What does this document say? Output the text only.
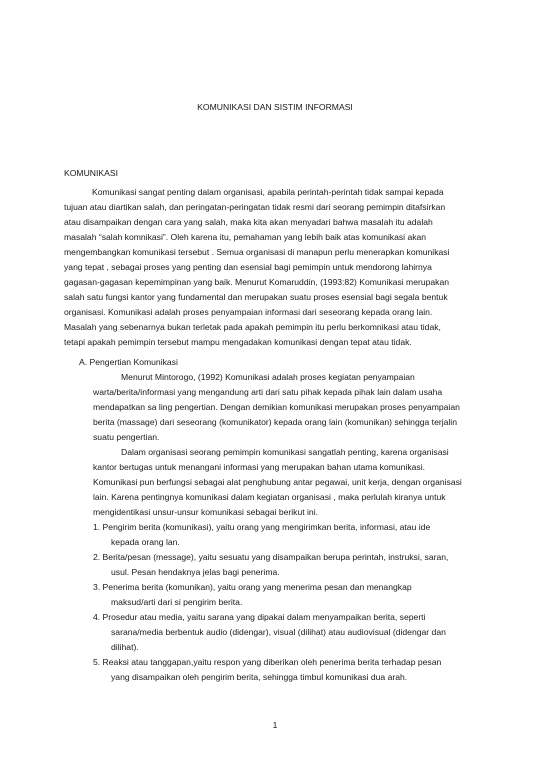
KOMUNIKASI DAN SISTIM INFORMASI
KOMUNIKASI
Komunikasi sangat penting dalam organisasi, apabila perintah-perintah tidak sampai kepada
tujuan atau diartikan salah, dan peringatan-peringatan tidak resmi dari seorang pemimpin ditafsirkan
atau disampaikan dengan cara yang salah, maka kita akan menyadari bahwa masalah itu adalah
masalah “salah komnikasi”. Oleh karena itu, pemahaman yang lebih baik atas komunikasi akan
mengembangkan komunikasi tersebut . Semua organisasi di manapun perlu menerapkan komunikasi
yang tepat , sebagai proses yang penting dan esensial bagi pemimpin untuk mendorong lahirnya
gagasan-gagasan kepemimpinan yang baik. Menurut Komaruddin, (1993:82) Komunikasi merupakan
salah satu fungsi kantor yang fundamental dan merupakan suatu proses esensial bagi segala bentuk
organisasi. Komunikasi adalah proses penyampaian informasi dari seseorang kepada orang lain.
Masalah yang sebenarnya bukan terletak pada apakah pemimpin itu perlu berkomnikasi atau tidak,
tetapi apakah pemimpin tersebut mampu mengadakan komunikasi dengan tepat atau tidak.
A. Pengertian Komunikasi
Menurut Mintorogo, (1992) Komunikasi adalah proses kegiatan penyampaian
warta/berita/informasi yang mengandung arti dari satu pihak kepada pihak lain dalam usaha
mendapatkan sa ling pengertian. Dengan demikian komunikasi merupakan proses penyampaian
berita (massage) dari seseorang (komunikator) kepada orang lain (komunikan) sehingga terjalin
suatu pengertian.
Dalam organisasi seorang pemimpin komunikasi sangatlah penting, karena organisasi
kantor bertugas untuk menangani informasi yang merupakan bahan utama komunikasi.
Komunikasi pun berfungsi sebagai alat penghubung antar pegawai, unit kerja, dengan organisasi
lain. Karena pentingnya komunikasi dalam kegiatan organisasi , maka perlulah kiranya untuk
mengidentikasi unsur-unsur komunikasi sebagai berikut ini.
1. Pengirim berita (komunikasi), yaitu orang yang mengirimkan berita, informasi, atau ide
kepada orang lan.
2. Berita/pesan (message), yaitu sesuatu yang disampaikan berupa perintah, instruksi, saran,
usul. Pesan hendaknya jelas bagi penerima.
3. Penerima berita (komunikan), yaitu orang yang menerima pesan dan menangkap
maksud/arti dari si pengirim berita.
4. Prosedur atau media, yaitu sarana yang dipakai dalam menyampaikan berita, seperti
sarana/media berbentuk audio (didengar), visual (dilihat) atau audiovisual (didengar dan
dilihat).
5. Reaksi atau tanggapan,yaitu respon yang diberikan oleh penerima berita terhadap pesan
yang disampaikan oleh pengirim berita, sehingga timbul komunikasi dua arah.
1
